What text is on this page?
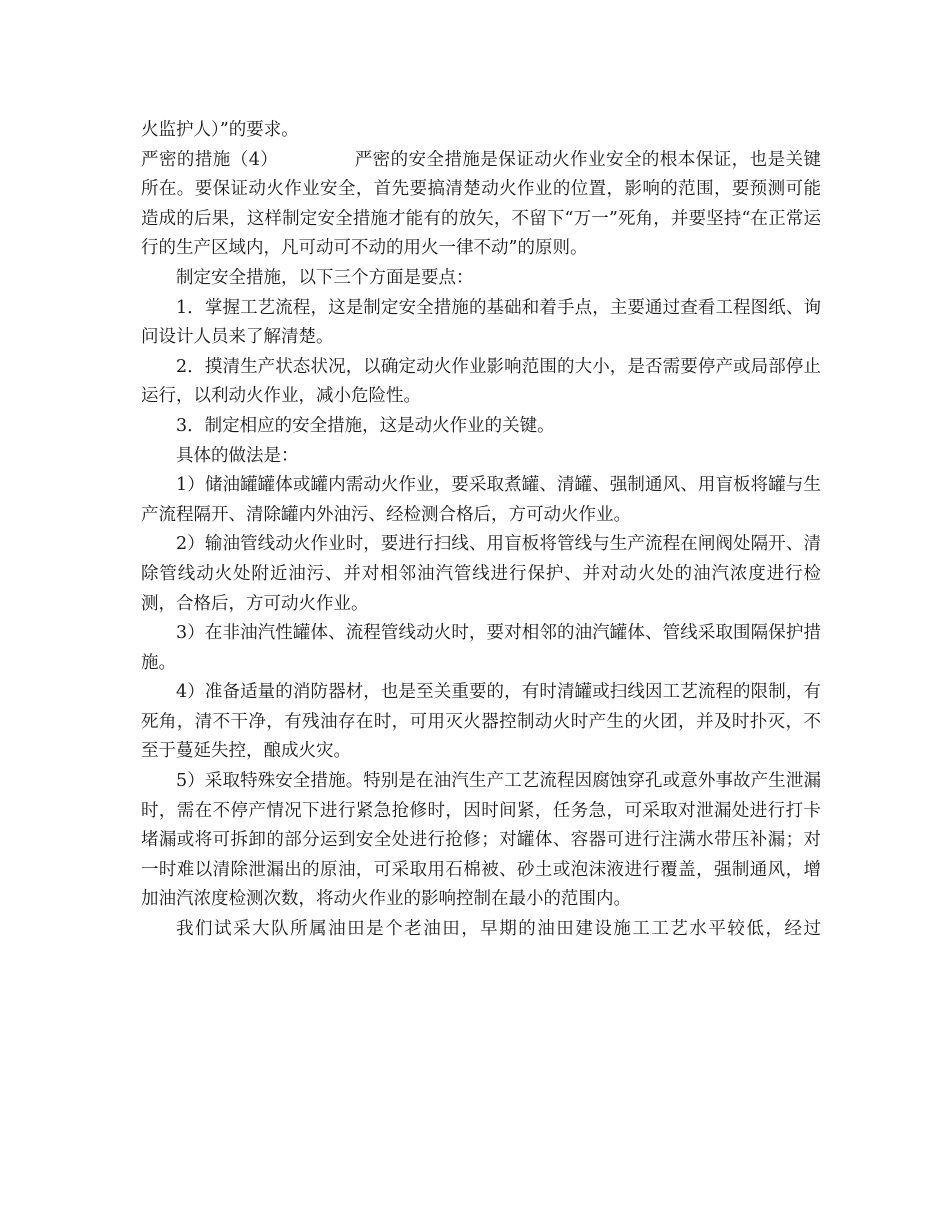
火监护人）”的要求。

严密的措施（4）	严密的安全措施是保证动火作业安全的根本保证，也是关键所在。要保证动火作业安全，首先要搞清楚动火作业的位置，影响的范围，要预测可能造成的后果，这样制定安全措施才能有的放矢，不留下“万一”死角，并要坚持“在正常运行的生产区域内，凡可动可不动的用火一律不动”的原则。

制定安全措施，以下三个方面是要点：

1．掌握工艺流程，这是制定安全措施的基础和着手点，主要通过查看工程图纸、询问设计人员来了解清楚。

2．摸清生产状态状况，以确定动火作业影响范围的大小，是否需要停产或局部停止运行，以利动火作业，减小危险性。

3．制定相应的安全措施，这是动火作业的关键。

具体的做法是：

1）储油罐罐体或罐内需动火作业，要采取煮罐、清罐、强制通风、用盲板将罐与生产流程隔开、清除罐内外油污、经检测合格后，方可动火作业。

2）输油管线动火作业时，要进行扫线、用盲板将管线与生产流程在闸阀处隔开、清除管线动火处附近油污、并对相邻油汽管线进行保护、并对动火处的油汽浓度进行检测，合格后，方可动火作业。

3）在非油汽性罐体、流程管线动火时，要对相邻的油汽罐体、管线采取围隔保护措施。

4）准备适量的消防器材，也是至关重要的，有时清罐或扫线因工艺流程的限制，有死角，清不干净，有残油存在时，可用灭火器控制动火时产生的火团，并及时扑灭，不至于蔓延失控，酿成火灾。

5）采取特殊安全措施。特别是在油汽生产工艺流程因腐蚀穿孔或意外事故产生泄漏时，需在不停产情况下进行紧急抢修时，因时间紧，任务急，可采取对泄漏处进行打卡堵漏或将可拆卸的部分运到安全处进行抢修；对罐体、容器可进行注满水带压补漏；对一时难以清除泄漏出的原油，可采取用石棉被、砂土或泡沫液进行覆盖，强制通风，增加油汽浓度检测次数，将动火作业的影响控制在最小的范围内。

我们试采大队所属油田是个老油田，早期的油田建设施工工艺水平较低，经过
